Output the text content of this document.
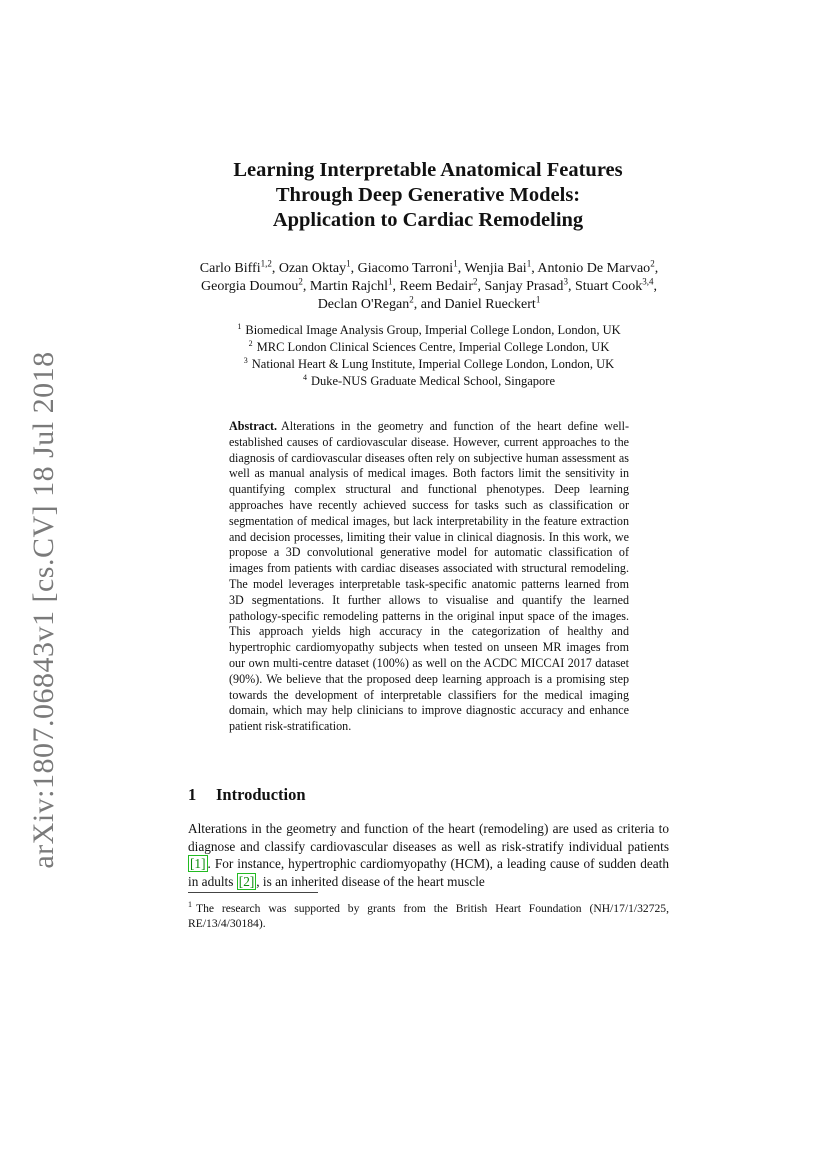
arXiv:1807.06843v1 [cs.CV] 18 Jul 2018
Learning Interpretable Anatomical Features
Through Deep Generative Models:
Application to Cardiac Remodeling
Carlo Biffi$^{1,2}$, Ozan Oktay$^1$, Giacomo Tarroni$^1$, Wenjia Bai$^1$, Antonio De Marvao$^2$, Georgia Doumou$^2$, Martin Rajchl$^1$, Reem Bedair$^2$, Sanjay Prasad$^3$, Stuart Cook$^{3,4}$, Declan O'Regan$^2$, and Daniel Rueckert$^1$
$^1$ Biomedical Image Analysis Group, Imperial College London, London, UK
$^2$ MRC London Clinical Sciences Centre, Imperial College London, UK
$^3$ National Heart & Lung Institute, Imperial College London, London, UK
$^4$ Duke-NUS Graduate Medical School, Singapore
Abstract. Alterations in the geometry and function of the heart define well-established causes of cardiovascular disease. However, current approaches to the diagnosis of cardiovascular diseases often rely on subjective human assessment as well as manual analysis of medical images. Both factors limit the sensitivity in quantifying complex structural and functional phenotypes. Deep learning approaches have recently achieved success for tasks such as classification or segmentation of medical images, but lack interpretability in the feature extraction and decision processes, limiting their value in clinical diagnosis. In this work, we propose a 3D convolutional generative model for automatic classification of images from patients with cardiac diseases associated with structural remodeling. The model leverages interpretable task-specific anatomic patterns learned from 3D segmentations. It further allows to visualise and quantify the learned pathology-specific remodeling patterns in the original input space of the images. This approach yields high accuracy in the categorization of healthy and hypertrophic cardiomyopathy subjects when tested on unseen MR images from our own multi-centre dataset (100%) as well on the ACDC MICCAI 2017 dataset (90%). We believe that the proposed deep learning approach is a promising step towards the development of interpretable classifiers for the medical imaging domain, which may help clinicians to improve diagnostic accuracy and enhance patient risk-stratification.
1 Introduction
Alterations in the geometry and function of the heart (remodeling) are used as criteria to diagnose and classify cardiovascular diseases as well as risk-stratify individual patients [1] . For instance, hypertrophic cardiomyopathy (HCM), a leading cause of sudden death in adults [2] , is an inherited disease of the heart muscle
$^1$ The research was supported by grants from the British Heart Foundation (NH/17/1/32725, RE/13/4/30184).
